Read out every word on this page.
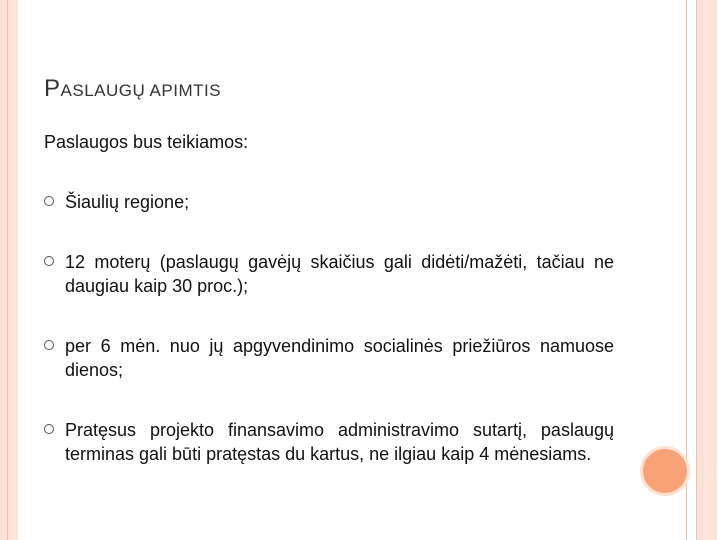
PASLAUGŲ APIMTIS
Paslaugos bus teikiamos:
Šiaulių regione;
12 moterų (paslaugų gavėjų skaičius gali didėti/mažėti, tačiau ne daugiau kaip 30 proc.);
per 6 mėn. nuo jų apgyvendinimo socialinės priežiūros namuose dienos;
Pratęsus projekto finansavimo administravimo sutartį, paslaugų terminas gali būti pratęstas du kartus, ne ilgiau kaip 4 mėnesiams.
